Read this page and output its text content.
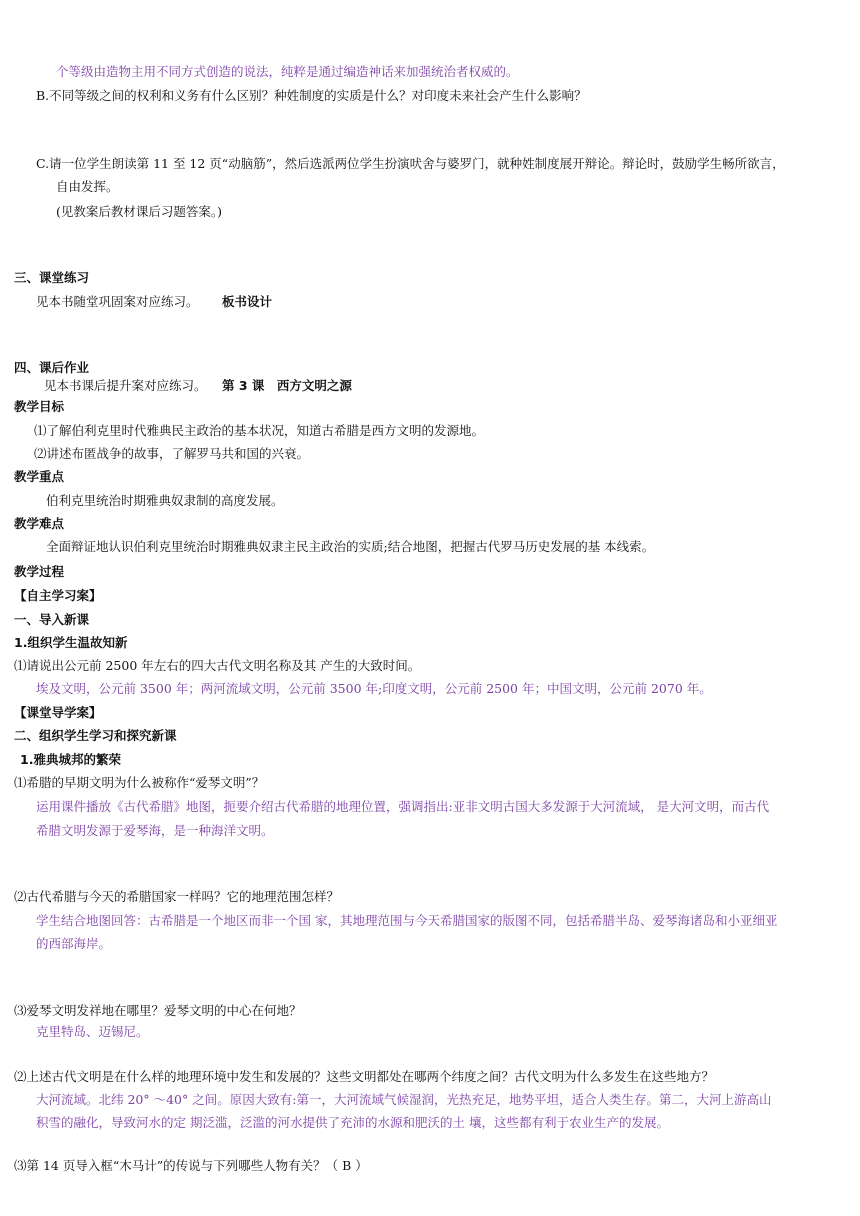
个等级由造物主用不同方式创造的说法，纯粹是通过编造神话来加强统治者权威的。
B.不同等级之间的权利和义务有什么区别？种姓制度的实质是什么？对印度未来社会产生什么影响？
C.请一位学生朗读第 11 至 12 页“动脑筋”，然后选派两位学生扮演吠舍与婆罗门，就种姓制度展开辩论。辩论时，鼓励学生畅所欲言，
自由发挥。
(见教案后教材课后习题答案。)
三、课堂练习
见本书随堂巩固案对应练习。 板书设计
四、课后作业
见本书课后提升案对应练习。 第 3 课　西方文明之源
教学目标
⑴了解伯利克里时代雅典民主政治的基本状况，知道古希腊是西方文明的发源地。
⑵讲述布匿战争的故事，了解罗马共和国的兴衰。
教学重点
伯利克里统治时期雅典奴隶制的高度发展。
教学难点
全面辩证地认识伯利克里统治时期雅典奴隶主民主政治的实质;结合地图，把握古代罗马历史发展的基 本线索。
教学过程
【自主学习案】
一、导入新课
1.组织学生温故知新
⑴请说出公元前 2500 年左右的四大古代文明名称及其 产生的大致时间。
埃及文明，公元前 3500 年；两河流域文明，公元前 3500 年;印度文明，公元前 2500 年；中国文明，公元前 2070 年。
【课堂导学案】
二、组织学生学习和探究新课
1.雅典城邦的繁荣
⑴希腊的早期文明为什么被称作“爱琴文明”？
运用课件播放《古代希腊》地图，扼要介绍古代希腊的地理位置，强调指出:亚非文明古国大多发源于大河流域， 是大河文明，而古代
希腊文明发源于爱琴海，是一种海洋文明。
⑵古代希腊与今天的希腊国家一样吗？它的地理范围怎样？
学生结合地图回答：古希腊是一个地区而非一个国 家，其地理范围与今天希腊国家的版图不同，包括希腊半岛、爱琴海诸岛和小亚细亚
的西部海岸。
⑶爱琴文明发祥地在哪里？爱琴文明的中心在何地？
克里特岛、迈锡尼。
⑵上述古代文明是在什么样的地理环境中发生和发展的？这些文明都处在哪两个纬度之间？古代文明为什么多发生在这些地方？
大河流域。北纬 20° ～40° 之间。原因大致有:第一，大河流域气候湿润，光热充足，地势平坦，适合人类生存。第二，大河上游高山
积雪的融化，导致河水的定 期泛滥，泛滥的河水提供了充沛的水源和肥沃的土 壤，这些都有利于农业生产的发展。
⑶第 14 页导入框“木马计”的传说与下列哪些人物有关？（ B ）
